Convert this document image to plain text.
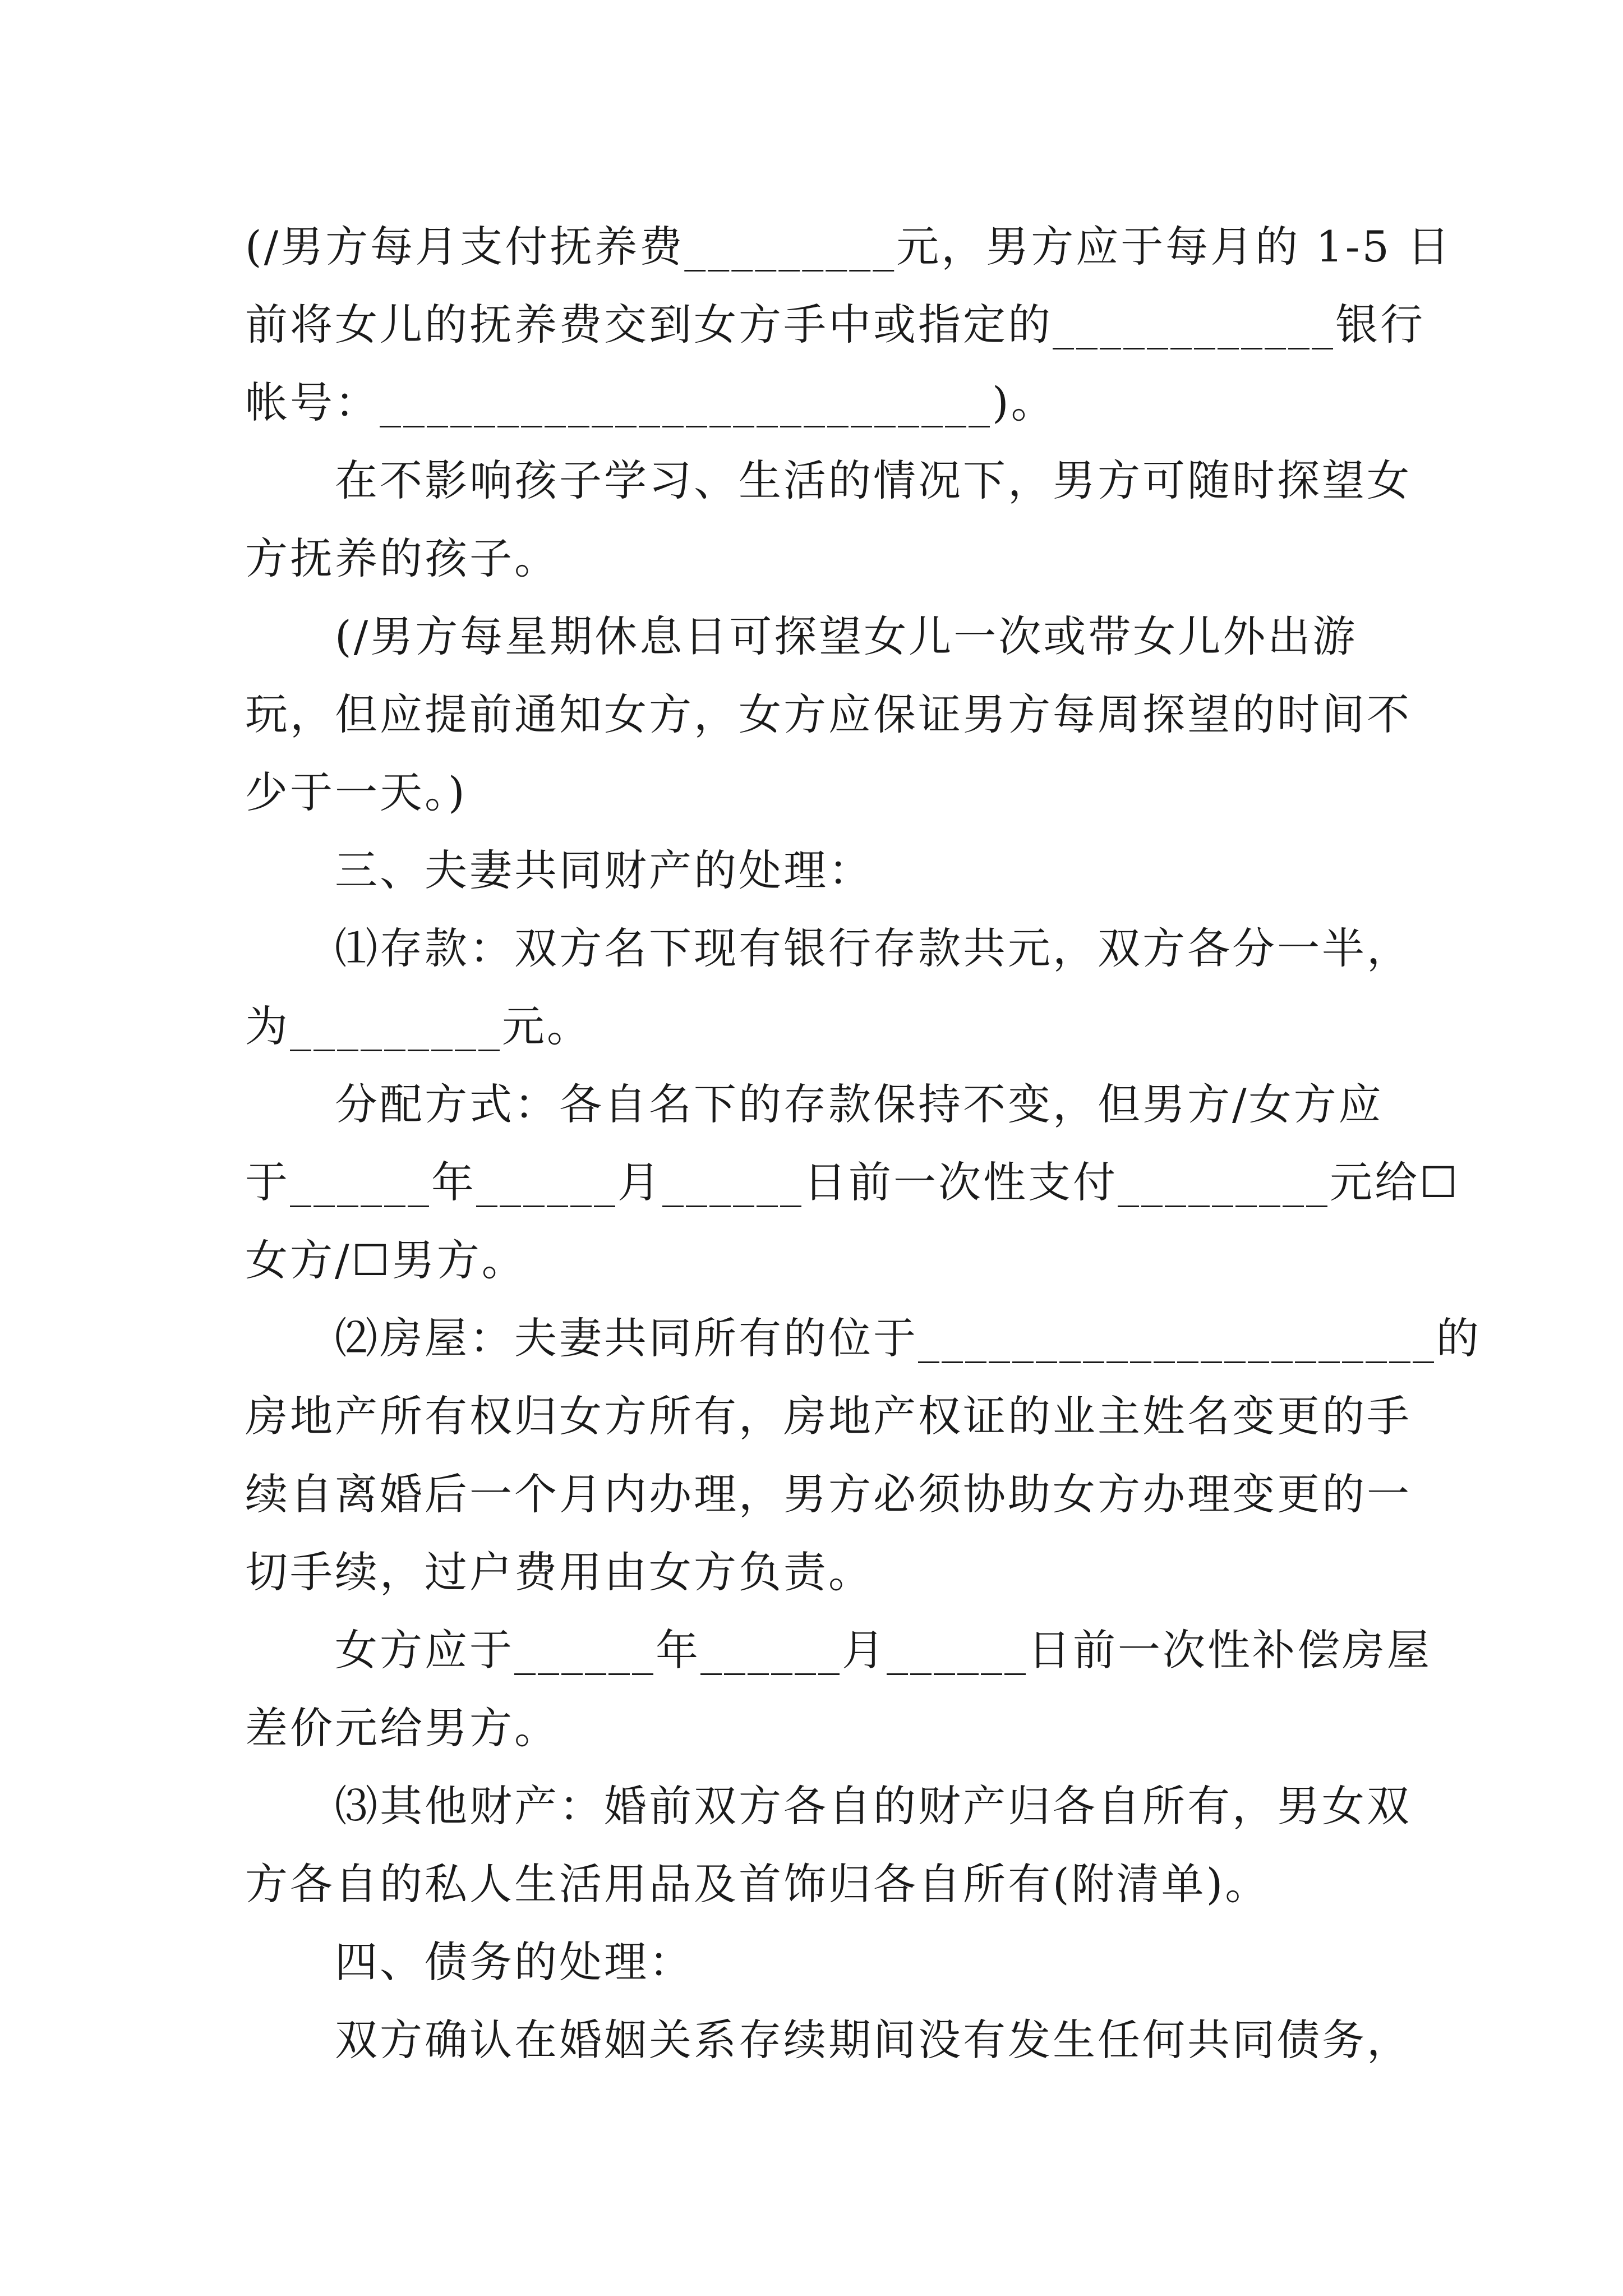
(/男方每月支付抚养费_________元，男方应于每月的 1-5 日
前将女儿的抚养费交到女方手中或指定的____________银行
帐号：__________________________)。
在不影响孩子学习、生活的情况下，男方可随时探望女
方抚养的孩子。
(/男方每星期休息日可探望女儿一次或带女儿外出游
玩，但应提前通知女方，女方应保证男方每周探望的时间不
少于一天。)
三、夫妻共同财产的处理：
⑴存款：双方名下现有银行存款共元，双方各分一半，
为_________元。
分配方式：各自名下的存款保持不变，但男方/女方应
于______年______月______日前一次性支付_________元给☐
女方/☐男方。
⑵房屋：夫妻共同所有的位于______________________的
房地产所有权归女方所有，房地产权证的业主姓名变更的手
续自离婚后一个月内办理，男方必须协助女方办理变更的一
切手续，过户费用由女方负责。
女方应于______年______月______日前一次性补偿房屋
差价元给男方。
⑶其他财产：婚前双方各自的财产归各自所有，男女双
方各自的私人生活用品及首饰归各自所有(附清单)。
四、债务的处理：
双方确认在婚姻关系存续期间没有发生任何共同债务，
